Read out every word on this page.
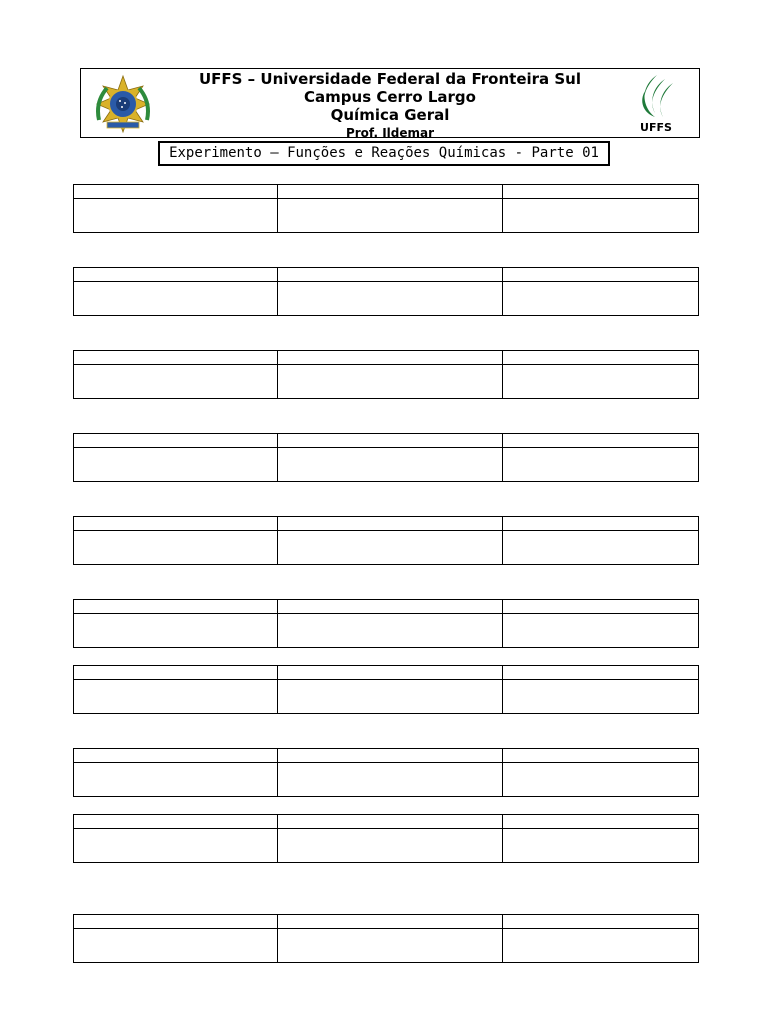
UFFS – Universidade Federal da Fronteira Sul
Campus Cerro Largo
Química Geral
Prof. Ildemar	UFFS
Experimento – Funções e Reações Químicas - Parte 01
